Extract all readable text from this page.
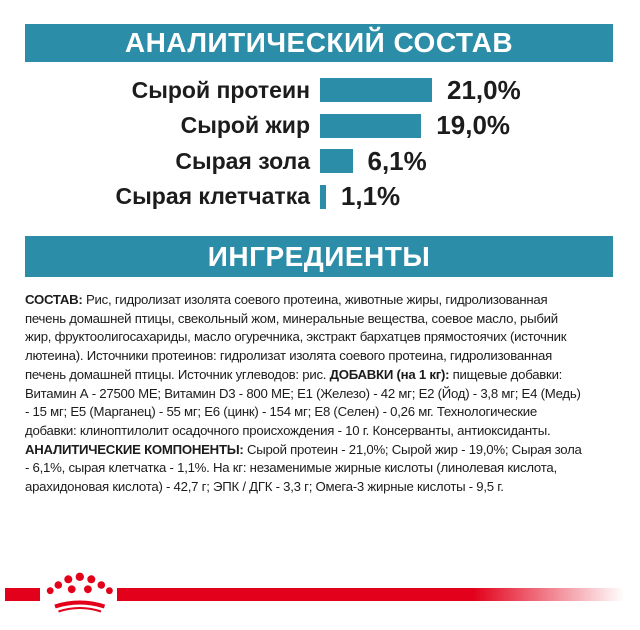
АНАЛИТИЧЕСКИЙ СОСТАВ
Сырой протеин	21,0%
Сырой жир	19,0%
Сырая зола 6,1%
Сырая клетчатка 1,1%
ИНГРЕДИЕНТЫ
СОСТАВ: Рис, гидролизат изолята соевого протеина, животные жиры, гидролизованная
печень домашней птицы, свекольный жом, минеральные вещества, соевое масло, рыбий
жир, фруктоолигосахариды, масло огуречника, экстракт бархатцев прямостоячих (источник
лютеина). Источники протеинов: гидролизат изолята соевого протеина, гидролизованная
печень домашней птицы. Источник углеводов: рис. ДОБАВКИ (на 1 кг): пищевые добавки:
Витамин А - 27500 МЕ; Витамин D3 - 800 МЕ; Е1 (Железо) - 42 мг; Е2 (Йод) - 3,8 мг; Е4 (Медь)
- 15 мг; Е5 (Марганец) - 55 мг; Е6 (цинк) - 154 мг; Е8 (Селен) - 0,26 мг. Технологические
добавки: клиноптилолит осадочного происхождения - 10 г. Консерванты, антиоксиданты.
АНАЛИТИЧЕСКИЕ КОМПОНЕНТЫ: Сырой протеин - 21,0%; Сырой жир - 19,0%; Сырая зола
- 6,1%, сырая клетчатка - 1,1%. На кг: незаменимые жирные кислоты (линолевая кислота,
арахидоновая кислота) - 42,7 г; ЭПК / ДГК - 3,3 г; Омега-3 жирные кислоты - 9,5 г.
